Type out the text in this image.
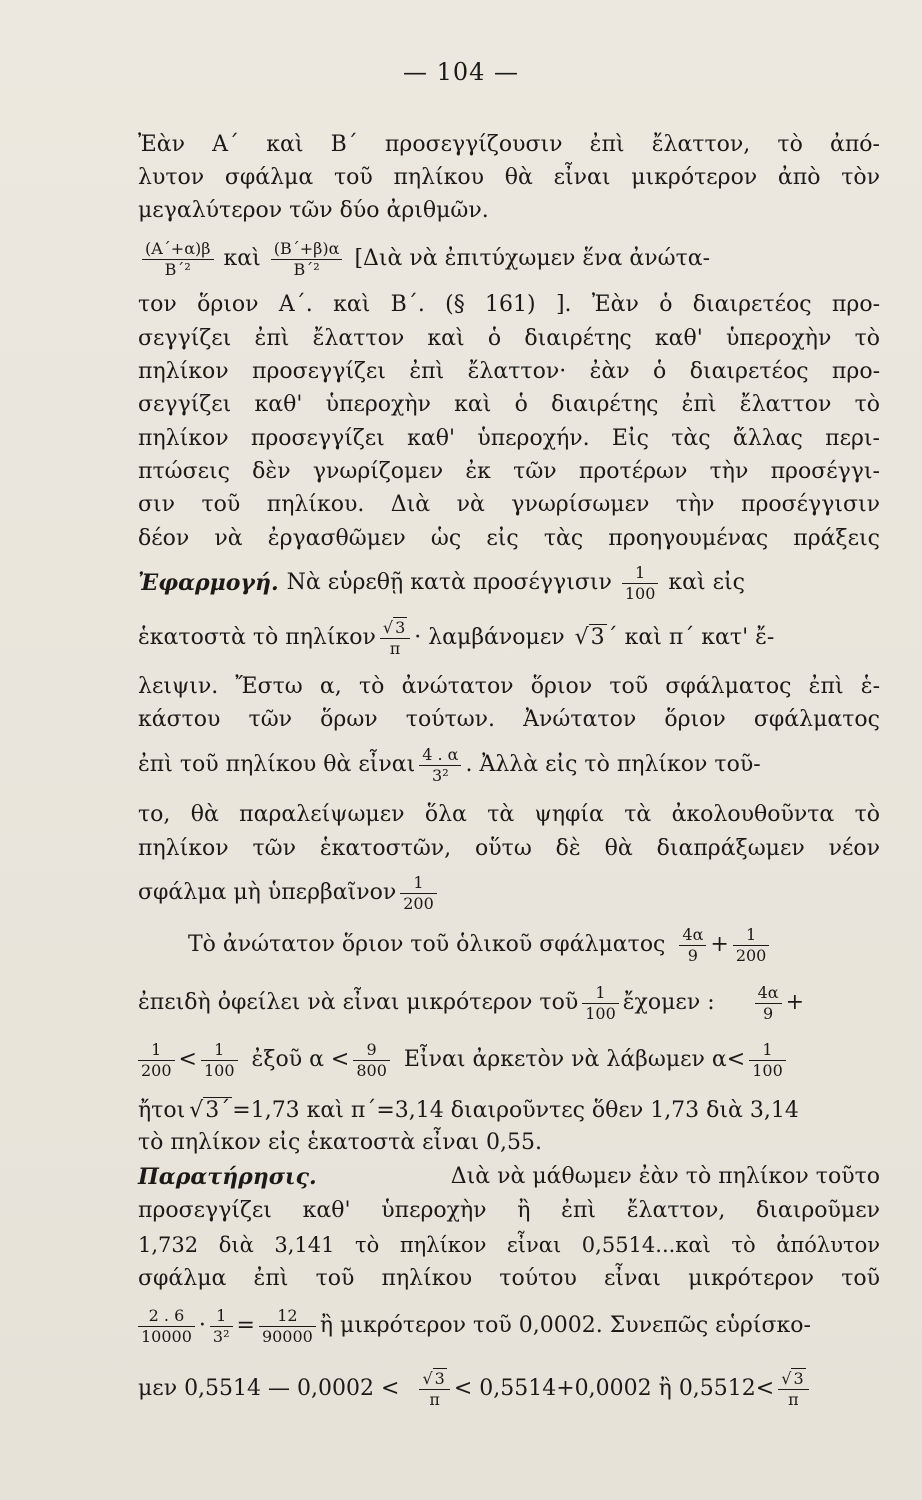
— 104 —
Ἐὰν Α΄ καὶ Β΄ προσεγγίζουσιν ἐπὶ ἔλαττον, τὸ ἀπό-
λυτον σφάλμα τοῦ πηλίκου θὰ εἶναι μικρότερον ἀπὸ τὸν
μεγαλύτερον τῶν δύο ἀριθμῶν.
$\frac{(A΄+\alpha)\beta}{\text{Β΄²}}$ καὶ $\frac{(B΄+\beta)\alpha}{\text{Β΄²}}$ [Διὰ νὰ ἐπιτύχωμεν ἕνα ἀνώτα-
τον ὅριον Α΄. καὶ Β΄. (§ 161) ]. Ἐὰν ὁ διαιρετέος προ-
σεγγίζει ἐπὶ ἔλαττον καὶ ὁ διαιρέτης καθ' ὑπεροχὴν τὸ
πηλίκον προσεγγίζει ἐπὶ ἔλαττον· ἐὰν ὁ διαιρετέος προ-
σεγγίζει καθ' ὑπεροχὴν καὶ ὁ διαιρέτης ἐπὶ ἔλαττον τὸ
πηλίκον προσεγγίζει καθ' ὑπεροχήν. Εἰς τὰς ἄλλας περι-
πτώσεις δὲν γνωρίζομεν ἐκ τῶν προτέρων τὴν προσέγγι-
σιν τοῦ πηλίκου. Διὰ νὰ γνωρίσωμεν τὴν προσέγγισιν
δέον νὰ ἐργασθῶμεν ὡς εἰς τὰς προηγουμένας πράξεις
Ἐφαρμογή. Νὰ εὑρεθῇ κατὰ προσέγγισιν $\frac{1}{100}$ καὶ εἰς
ἑκατοστὰ τὸ πηλίκον $\frac{√ 3}{\pi} \cdot \lambda\alpha\mu\beta ά\nu o\mu\varepsilon\nu$ √3 ΄ καὶ π΄ κατ' ἔ-
λειψιν. Ἔστω α, τὸ ἀνώτατον ὅριον τοῦ σφάλματος ἐπὶ ἑ-
κάστου τῶν ὅρων τούτων. Ἀνώτατον ὅριον σφάλματος
ἐπὶ τοῦ πηλίκου θὰ εἶναι $\frac{4 . \alpha}{\text{3²}}$ . Ἀλλὰ εἰς τὸ πηλίκον τοῦ-
το, θὰ παραλείψωμεν ὅλα τὰ ψηφία τὰ ἀκολουθοῦντα τὸ
πηλίκον τῶν ἑκατοστῶν, οὕτω δὲ θὰ διαπράξωμεν νέον
σφάλμα μὴ ὑπερβαῖνον $\frac{1}{200}$
Τὸ ἀνώτατον ὅριον τοῦ ὁλικοῦ σφάλματος $\frac{4\alpha}{9} + \frac{1}{200}$
ἐπειδὴ ὀφείλει νὰ εἶναι μικρότερον τοῦ $\frac{1}{100}$ ἔχομεν :	$\frac{4\alpha}{9}$ +
$\frac{1}{200} < \frac{1}{100}$ ἐξοῦ $\alpha < \frac{9}{800}$ Εἶναι ἀρκετὸν νὰ λάβωμεν $\alpha< \frac{1}{100}$
ἤτοι √3΄ =1,73 καὶ π΄=3,14 διαιροῦντες ὅθεν 1,73 διὰ 3,14
τὸ πηλίκον εἰς ἑκατοστὰ εἶναι 0,55.
Παρατήρησις.	Διὰ νὰ μάθωμεν ἐὰν τὸ πηλίκον τοῦτο
προσεγγίζει καθ' ὑπεροχὴν ἢ ἐπὶ ἔλαττον, διαιροῦμεν
1,732 διὰ 3,141 τὸ πηλίκον εἶναι 0,5514...καὶ τὸ ἀπόλυτον
σφάλμα ἐπὶ τοῦ πηλίκου τούτου εἶναι μικρότερον τοῦ
$\frac{2 . 6}{10000} \cdot \frac{1}{\text{3²}} = \frac{12}{90000}$ ἢ μικρότερον τοῦ 0,0002. Συνεπῶς εὑρίσκο-
μεν 0,5514 — $0,0002 < \frac{√ 3}{\pi} < 0,5514+0,0002$ ἢ $0,5512< \frac{√ 3}{\pi}$
